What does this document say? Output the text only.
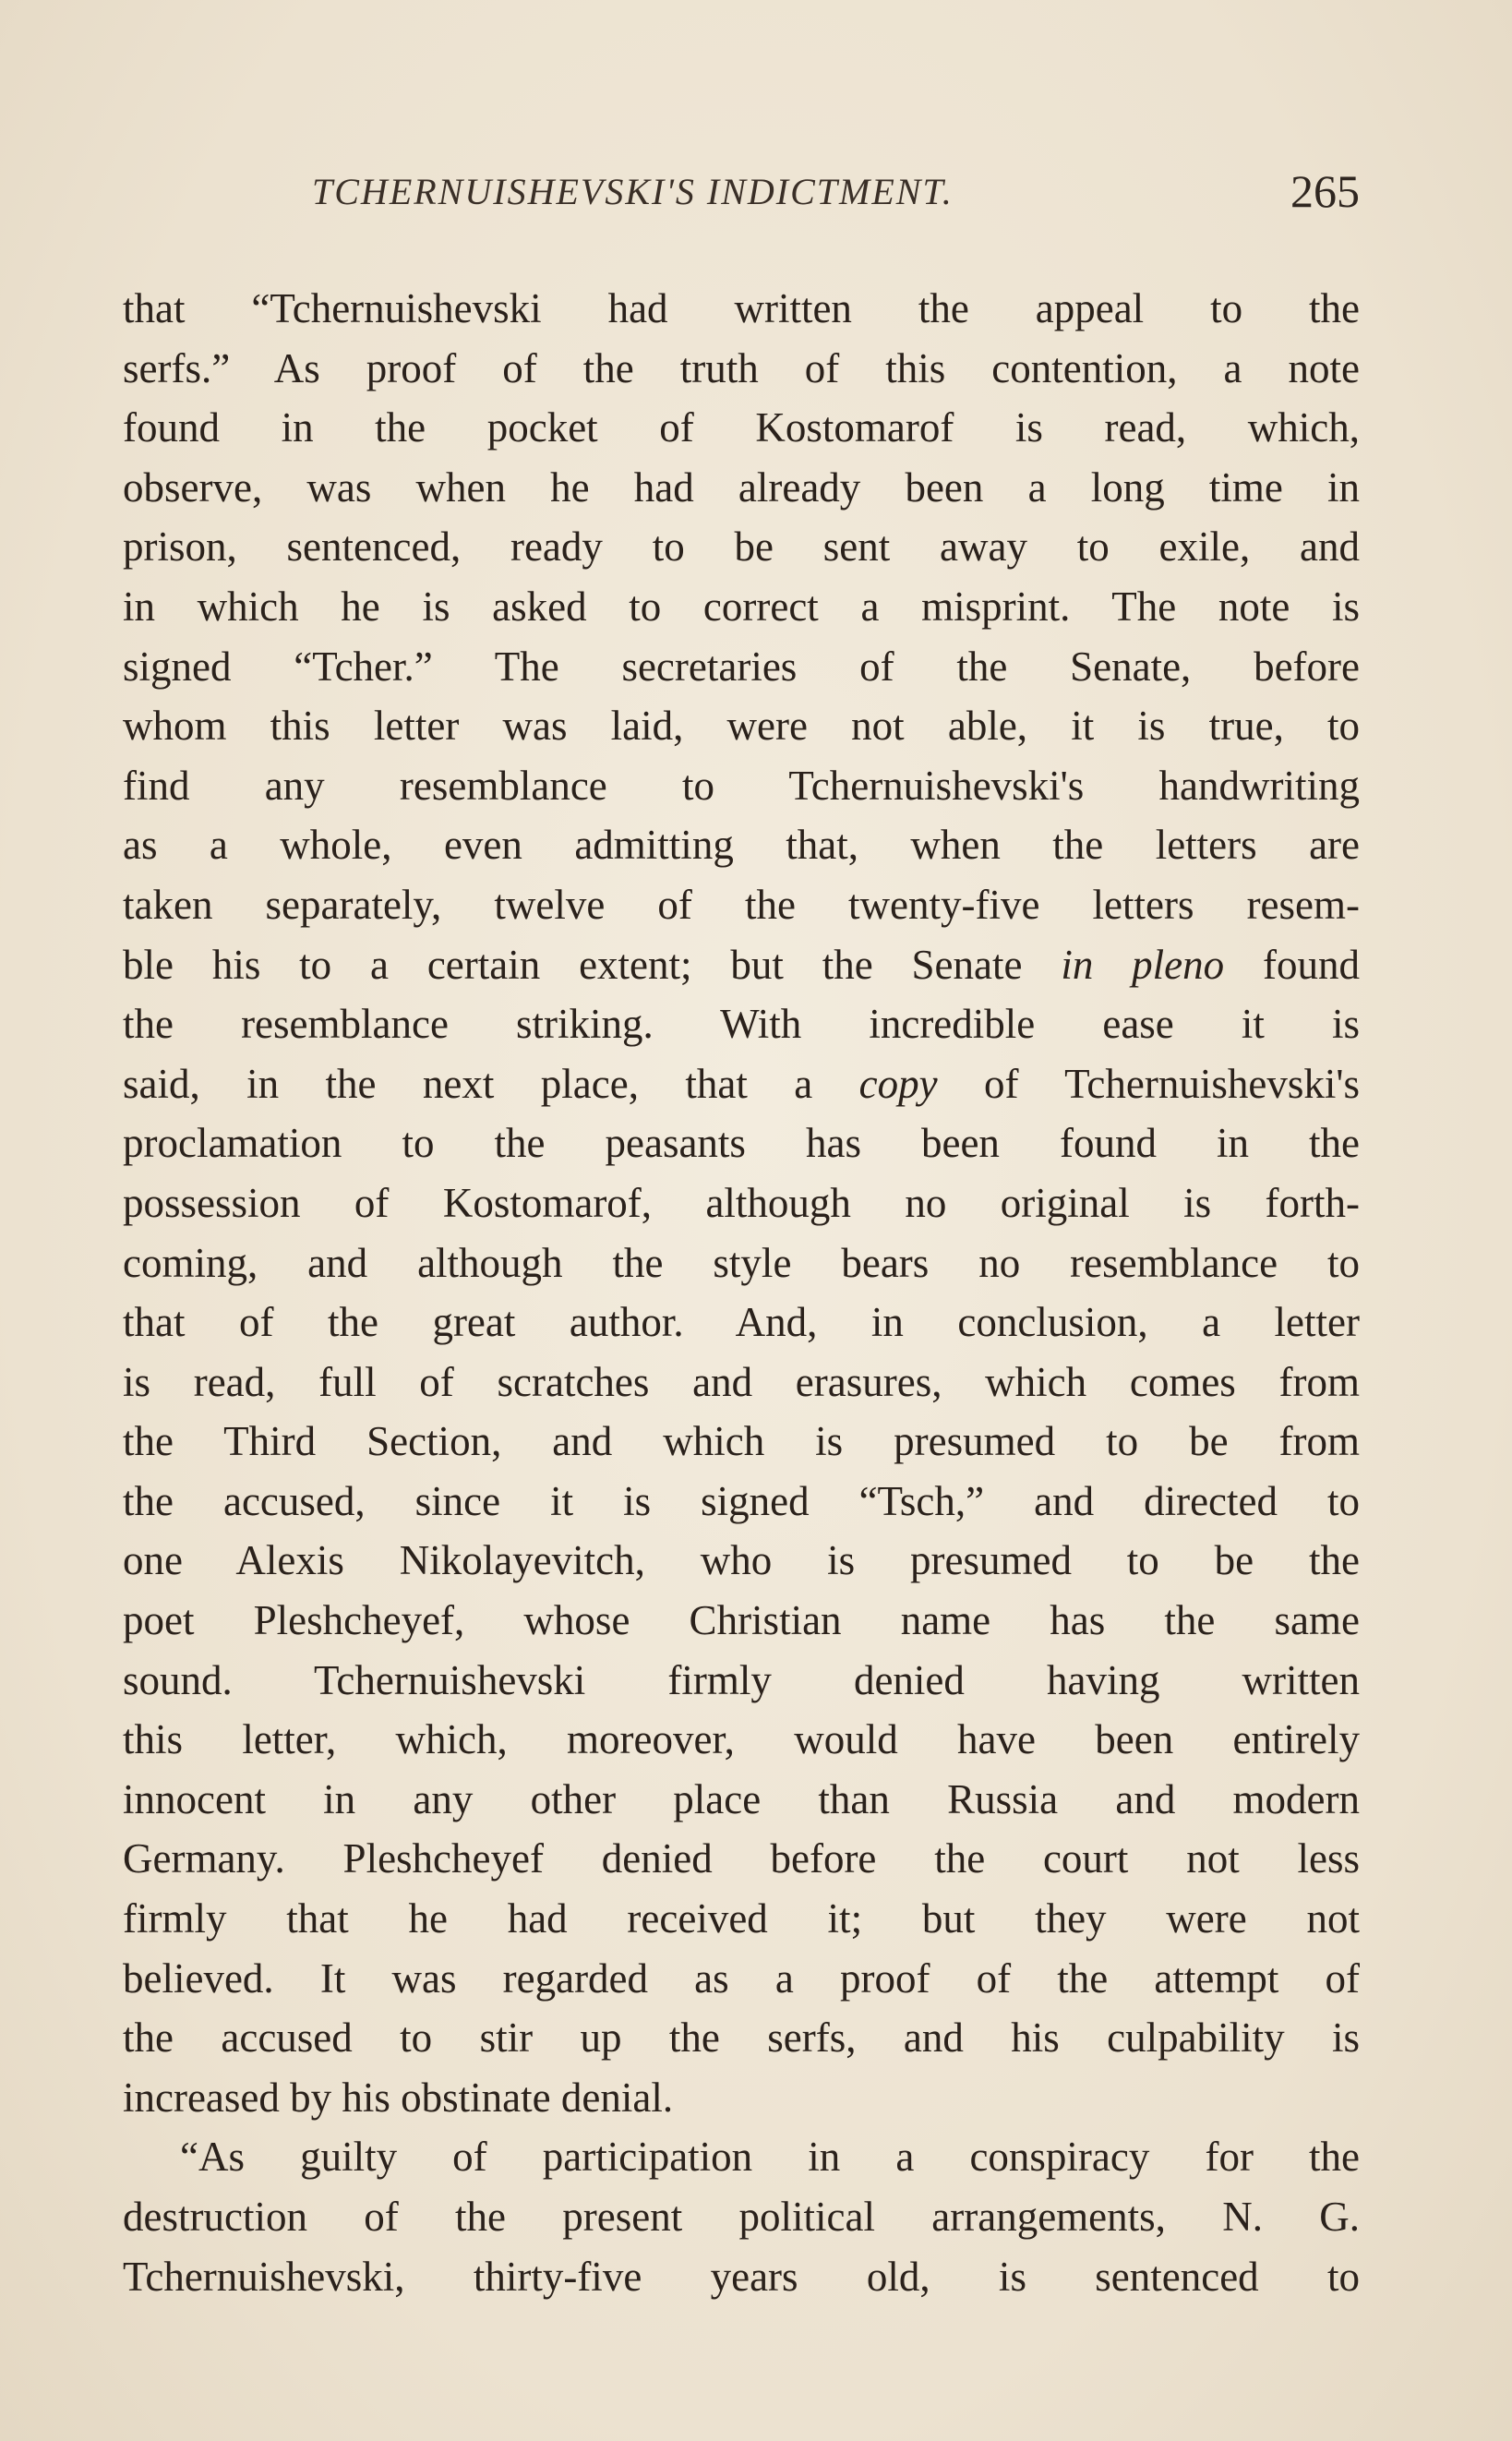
TCHERNUISHEVSKI'S INDICTMENT.	265
that “Tchernuishevski had written the appeal to the
serfs.” As proof of the truth of this contention, a note
found in the pocket of Kostomarof is read, which,
observe, was when he had already been a long time in
prison, sentenced, ready to be sent away to exile, and
in which he is asked to correct a misprint. The note is
signed “Tcher.” The secretaries of the Senate, before
whom this letter was laid, were not able, it is true, to
find any resemblance to Tchernuishevski's handwriting
as a whole, even admitting that, when the letters are
taken separately, twelve of the twenty-five letters resem-
ble his to a certain extent; but the Senate in pleno found
the resemblance striking. With incredible ease it is
said, in the next place, that a copy of Tchernuishevski's
proclamation to the peasants has been found in the
possession of Kostomarof, although no original is forth-
coming, and although the style bears no resemblance to
that of the great author. And, in conclusion, a letter
is read, full of scratches and erasures, which comes from
the Third Section, and which is presumed to be from
the accused, since it is signed “Tsch,” and directed to
one Alexis Nikolayevitch, who is presumed to be the
poet Pleshcheyef, whose Christian name has the same
sound. Tchernuishevski firmly denied having written
this letter, which, moreover, would have been entirely
innocent in any other place than Russia and modern
Germany. Pleshcheyef denied before the court not less
firmly that he had received it; but they were not
believed. It was regarded as a proof of the attempt of
the accused to stir up the serfs, and his culpability is
increased by his obstinate denial.
“As guilty of participation in a conspiracy for the
destruction of the present political arrangements, N. G.
Tchernuishevski, thirty-five years old, is sentenced to
